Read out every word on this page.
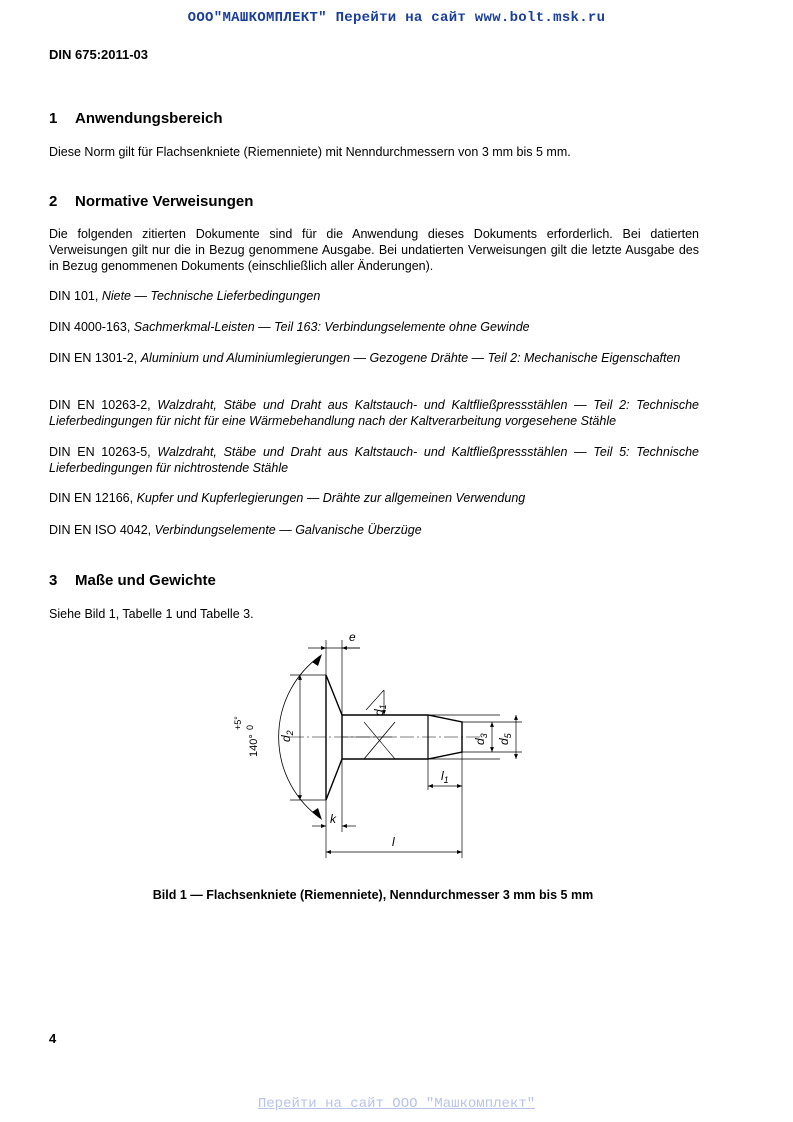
ООО"МАШКОМПЛЕКТ" Перейти на сайт www.bolt.msk.ru
DIN 675:2011-03
1 Anwendungsbereich
Diese Norm gilt für Flachsenkniete (Riemenniete) mit Nenndurchmessern von 3 mm bis 5 mm.
2 Normative Verweisungen
Die folgenden zitierten Dokumente sind für die Anwendung dieses Dokuments erforderlich. Bei datierten Verweisungen gilt nur die in Bezug genommene Ausgabe. Bei undatierten Verweisungen gilt die letzte Ausgabe des in Bezug genommenen Dokuments (einschließlich aller Änderungen).
DIN 101, Niete — Technische Lieferbedingungen
DIN 4000-163, Sachmerkmal-Leisten — Teil 163: Verbindungselemente ohne Gewinde
DIN EN 1301-2, Aluminium und Aluminiumlegierungen — Gezogene Drähte — Teil 2: Mechanische Eigenschaften
DIN EN 10263-2, Walzdraht, Stäbe und Draht aus Kaltstauch- und Kaltfließpressstählen — Teil 2: Technische Lieferbedingungen für nicht für eine Wärmebehandlung nach der Kaltverarbeitung vorgesehene Stähle
DIN EN 10263-5, Walzdraht, Stäbe und Draht aus Kaltstauch- und Kaltfließpressstählen — Teil 5: Technische Lieferbedingungen für nichtrostende Stähle
DIN EN 12166, Kupfer und Kupferlegierungen — Drähte zur allgemeinen Verwendung
DIN EN ISO 4042, Verbindungselemente — Galvanische Überzüge
3 Maße und Gewichte
Siehe Bild 1, Tabelle 1 und Tabelle 3.
e
$d_2$
$d_1$
$d_3$
$d_5$
$l_1$
k
l
140°
+5° 0
Bild 1 — Flachsenkniete (Riemenniete), Nenndurchmesser 3 mm bis 5 mm
4
Перейти на сайт ООО "Машкомплект"
